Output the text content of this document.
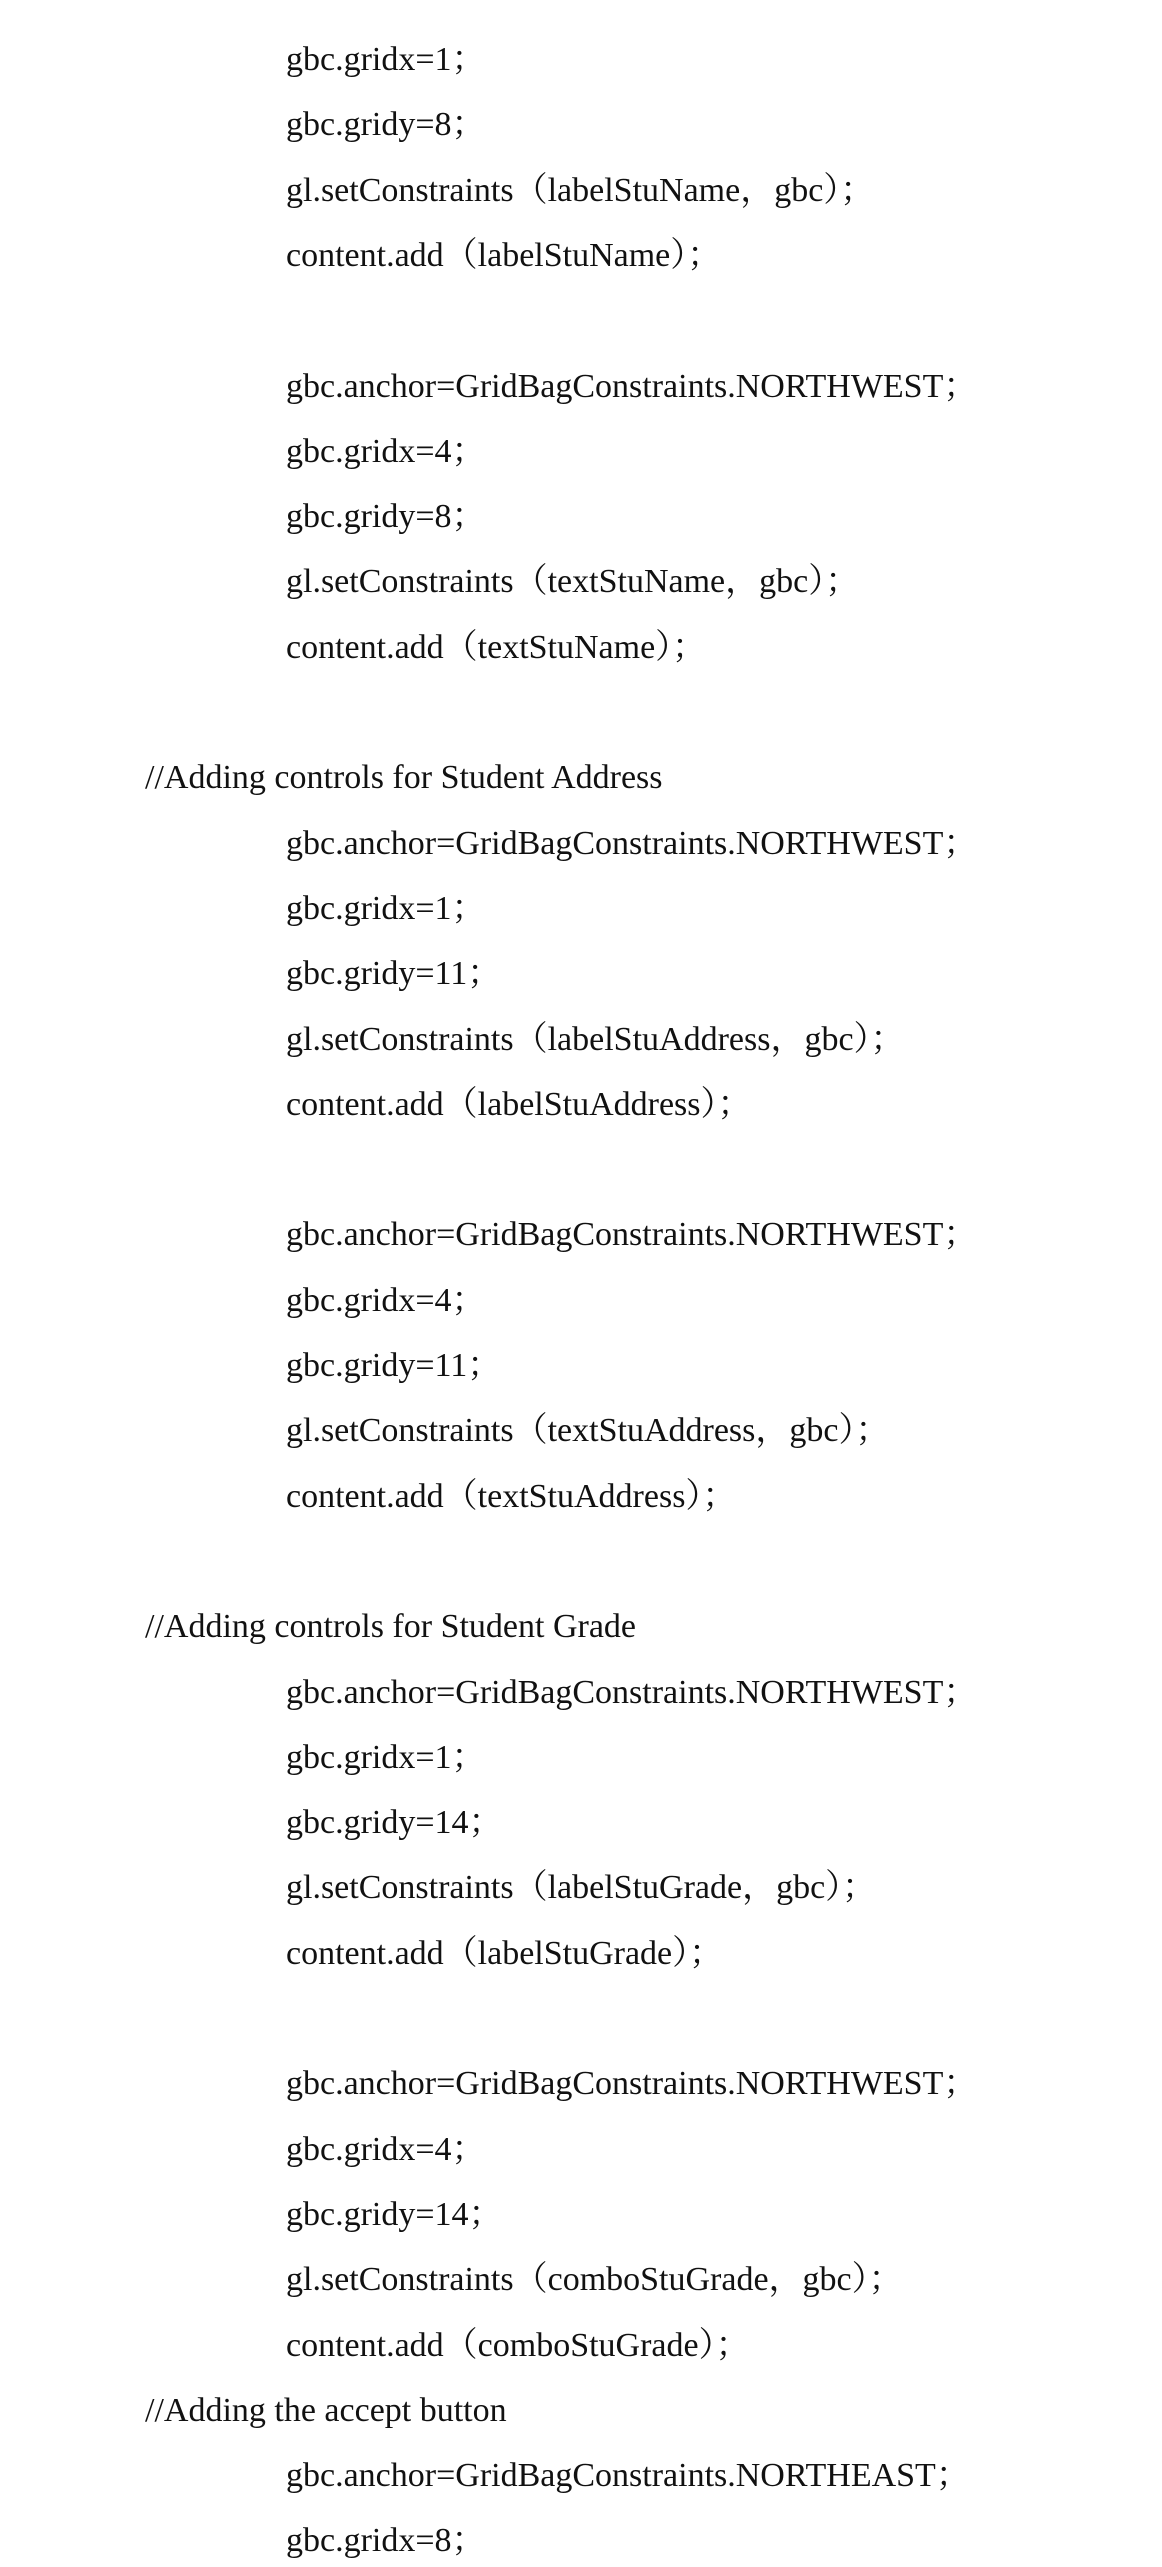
gbc.gridx=1；
gbc.gridy=8；
gl.setConstraints（labelStuName，gbc）；
content.add（labelStuName）；
gbc.anchor=GridBagConstraints.NORTHWEST；
gbc.gridx=4；
gbc.gridy=8；
gl.setConstraints（textStuName，gbc）；
content.add（textStuName）；
//Adding controls for Student Address
gbc.anchor=GridBagConstraints.NORTHWEST；
gbc.gridx=1；
gbc.gridy=11；
gl.setConstraints（labelStuAddress，gbc）；
content.add（labelStuAddress）；
gbc.anchor=GridBagConstraints.NORTHWEST；
gbc.gridx=4；
gbc.gridy=11；
gl.setConstraints（textStuAddress，gbc）；
content.add（textStuAddress）；
//Adding controls for Student Grade
gbc.anchor=GridBagConstraints.NORTHWEST；
gbc.gridx=1；
gbc.gridy=14；
gl.setConstraints（labelStuGrade，gbc）；
content.add（labelStuGrade）；
gbc.anchor=GridBagConstraints.NORTHWEST；
gbc.gridx=4；
gbc.gridy=14；
gl.setConstraints（comboStuGrade，gbc）；
content.add（comboStuGrade）；
//Adding the accept button
gbc.anchor=GridBagConstraints.NORTHEAST；
gbc.gridx=8；
